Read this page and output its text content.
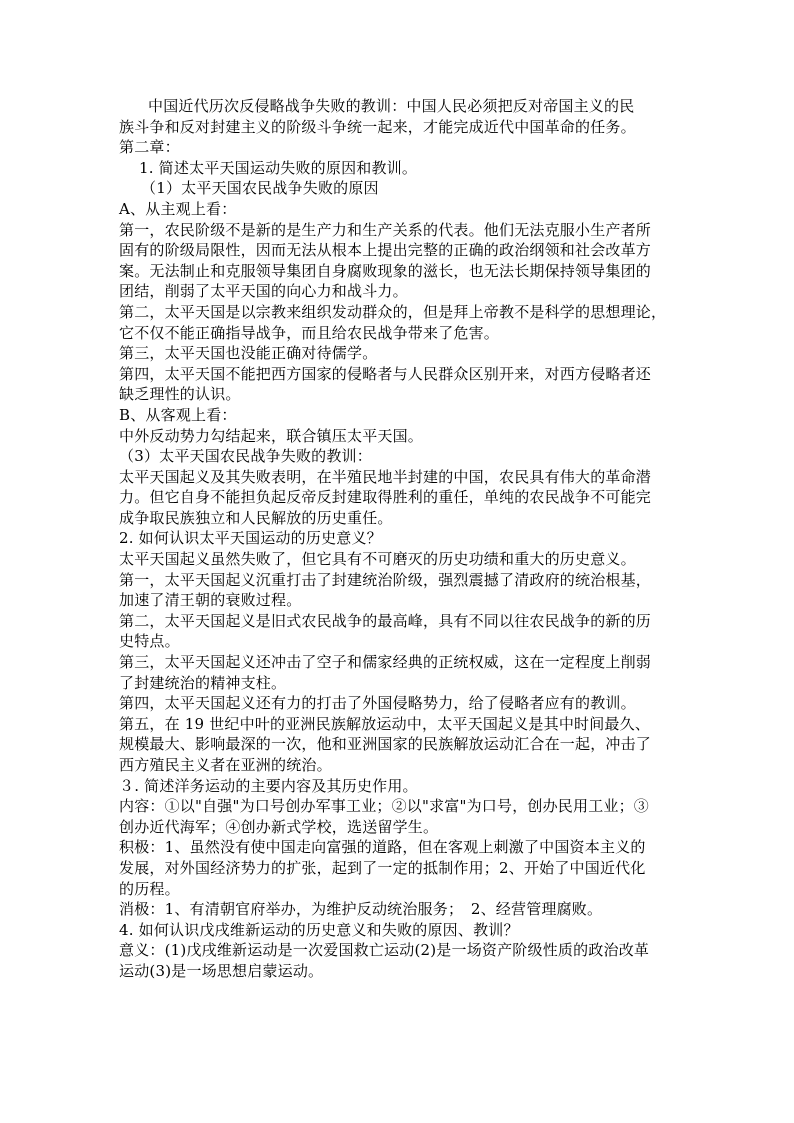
中国近代历次反侵略战争失败的教训：中国人民必须把反对帝国主义的民
族斗争和反对封建主义的阶级斗争统一起来，才能完成近代中国革命的任务。
第二章：
1. 简述太平天国运动失败的原因和教训。
（1）太平天国农民战争失败的原因
A、从主观上看：
第一，农民阶级不是新的是生产力和生产关系的代表。他们无法克服小生产者所
固有的阶级局限性，因而无法从根本上提出完整的正确的政治纲领和社会改革方
案。无法制止和克服领导集团自身腐败现象的滋长，也无法长期保持领导集团的
团结，削弱了太平天国的向心力和战斗力。
第二，太平天国是以宗教来组织发动群众的，但是拜上帝教不是科学的思想理论，
它不仅不能正确指导战争，而且给农民战争带来了危害。
第三，太平天国也没能正确对待儒学。
第四，太平天国不能把西方国家的侵略者与人民群众区别开来，对西方侵略者还
缺乏理性的认识。
B、从客观上看：
中外反动势力勾结起来，联合镇压太平天国。
（3）太平天国农民战争失败的教训：
太平天国起义及其失败表明，在半殖民地半封建的中国，农民具有伟大的革命潜
力。但它自身不能担负起反帝反封建取得胜利的重任，单纯的农民战争不可能完
成争取民族独立和人民解放的历史重任。
2. 如何认识太平天国运动的历史意义？
太平天国起义虽然失败了，但它具有不可磨灭的历史功绩和重大的历史意义。
第一，太平天国起义沉重打击了封建统治阶级，强烈震撼了清政府的统治根基，
加速了清王朝的衰败过程。
第二，太平天国起义是旧式农民战争的最高峰，具有不同以往农民战争的新的历
史特点。
第三，太平天国起义还冲击了空子和儒家经典的正统权威，这在一定程度上削弱
了封建统治的精神支柱。
第四，太平天国起义还有力的打击了外国侵略势力，给了侵略者应有的教训。
第五，在 19 世纪中叶的亚洲民族解放运动中，太平天国起义是其中时间最久、
规模最大、影响最深的一次，他和亚洲国家的民族解放运动汇合在一起，冲击了
西方殖民主义者在亚洲的统治。
３. 简述洋务运动的主要内容及其历史作用。
内容：①以"自强"为口号创办军事工业；②以"求富"为口号，创办民用工业；③
创办近代海军；④创办新式学校，选送留学生。
积极：1、虽然没有使中国走向富强的道路，但在客观上刺激了中国资本主义的
发展，对外国经济势力的扩张，起到了一定的抵制作用；2、开始了中国近代化
的历程。
消极：1、有清朝官府举办，为维护反动统治服务；　2、经营管理腐败。
4. 如何认识戊戌维新运动的历史意义和失败的原因、教训？
意义：(1)戊戌维新运动是一次爱国救亡运动(2)是一场资产阶级性质的政治改革
运动(3)是一场思想启蒙运动。
